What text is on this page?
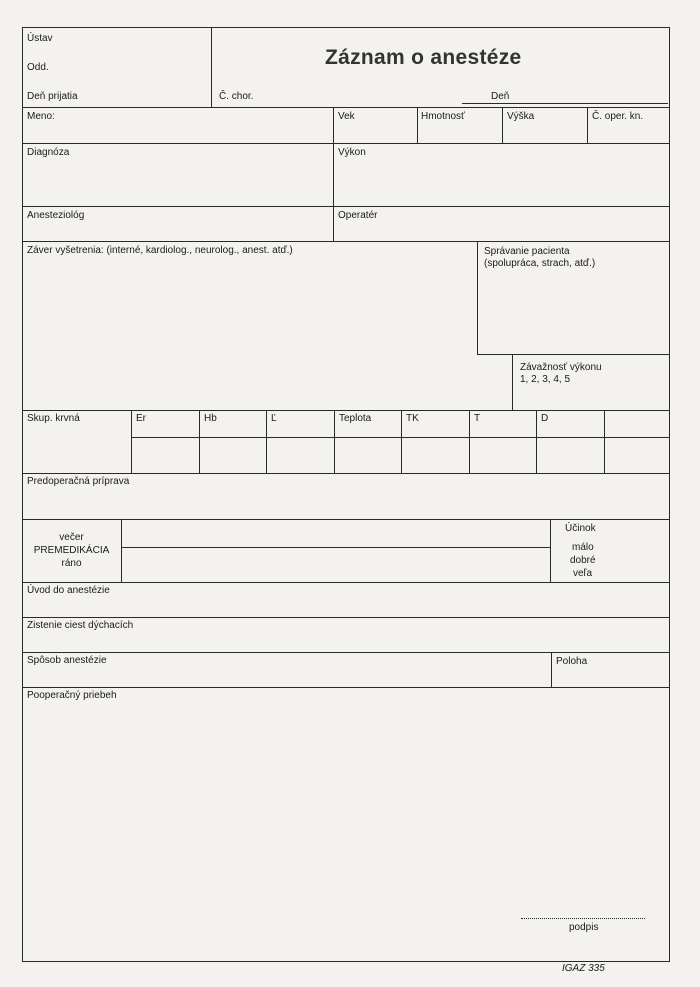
Ústav
Odd.
Deň prijatia
Záznam o anestéze
Č. chor.	Deň
Meno:	Vek	Hmotnosť	Výška	Č. oper. kn.
Diagnóza	Výkon
Anesteziológ	Operatér
Záver vyšetrenia: (interné, kardiolog., neurolog., anest. atď.)	Správanie pacienta
(spolupráca, strach, atď.)
Závažnosť výkonu
1, 2, 3, 4, 5
Skup. krvná	Er	Hb	Ľ	Teplota	TK	T	D
Predoperačná príprava
večer
PREMEDIKÁCIA
ráno
Účinok
málo
dobré
veľa
Úvod do anestézie
Zistenie ciest dýchacích
Spôsob anestézie	Poloha
Pooperačný priebeh
podpis
IGAZ 335
